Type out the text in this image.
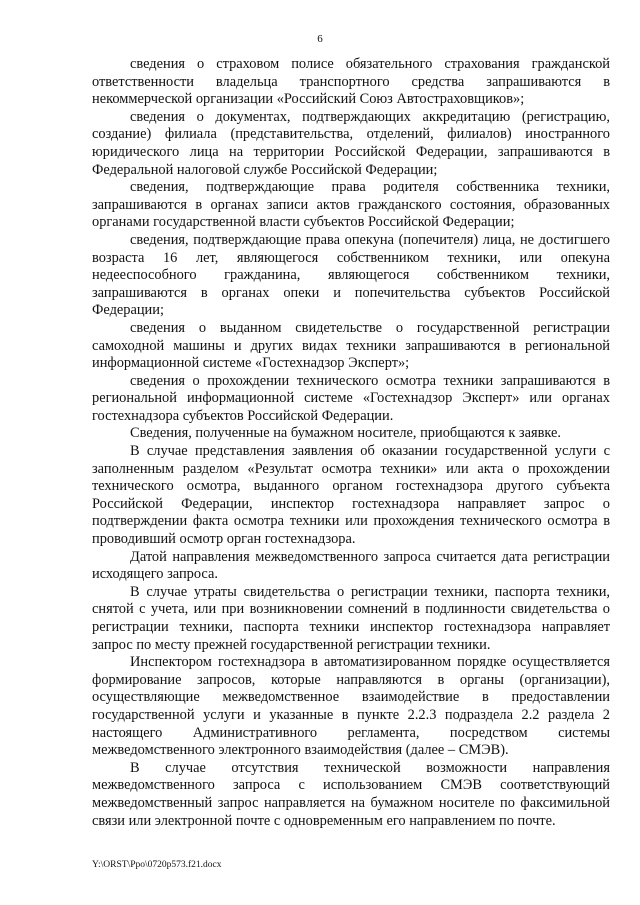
6

сведения о страховом полисе обязательного страхования гражданской ответственности владельца транспортного средства запрашиваются в некоммерческой организации «Российский Союз Автостраховщиков»;

сведения о документах, подтверждающих аккредитацию (регистрацию, создание) филиала (представительства, отделений, филиалов) иностранного юридического лица на территории Российской Федерации, запрашиваются в Федеральной налоговой службе Российской Федерации;

сведения, подтверждающие права родителя собственника техники, запрашиваются в органах записи актов гражданского состояния, образованных органами государственной власти субъектов Российской Федерации;

сведения, подтверждающие права опекуна (попечителя) лица, не достигшего возраста 16 лет, являющегося собственником техники, или опекуна недееспособного гражданина, являющегося собственником техники, запрашиваются в органах опеки и попечительства субъектов Российской Федерации;

сведения о выданном свидетельстве о государственной регистрации самоходной машины и других видах техники запрашиваются в региональной информационной системе «Гостехнадзор Эксперт»;

сведения о прохождении технического осмотра техники запрашиваются в региональной информационной системе «Гостехнадзор Эксперт» или органах гостехнадзора субъектов Российской Федерации.

Сведения, полученные на бумажном носителе, приобщаются к заявке.

В случае представления заявления об оказании государственной услуги с заполненным разделом «Результат осмотра техники» или акта о прохождении технического осмотра, выданного органом гостехнадзора другого субъекта Российской Федерации, инспектор гостехнадзора направляет запрос о подтверждении факта осмотра техники или прохождения технического осмотра в проводивший осмотр орган гостехнадзора.

Датой направления межведомственного запроса считается дата регистрации исходящего запроса.

В случае утраты свидетельства о регистрации техники, паспорта техники, снятой с учета, или при возникновении сомнений в подлинности свидетельства о регистрации техники, паспорта техники инспектор гостехнадзора направляет запрос по месту прежней государственной регистрации техники.

Инспектором гостехнадзора в автоматизированном порядке осуществляется формирование запросов, которые направляются в органы (организации), осуществляющие межведомственное взаимодействие в предоставлении государственной услуги и указанные в пункте 2.2.3 подраздела 2.2 раздела 2 настоящего Административного регламента, посредством системы межведомственного электронного взаимодействия (далее – СМЭВ).

В случае отсутствия технической возможности направления межведомственного запроса с использованием СМЭВ соответствующий межведомственный запрос направляется на бумажном носителе по факсимильной связи или электронной почте с одновременным его направлением по почте.

Y:\ORST\Ppo\0720p573.f21.docx
